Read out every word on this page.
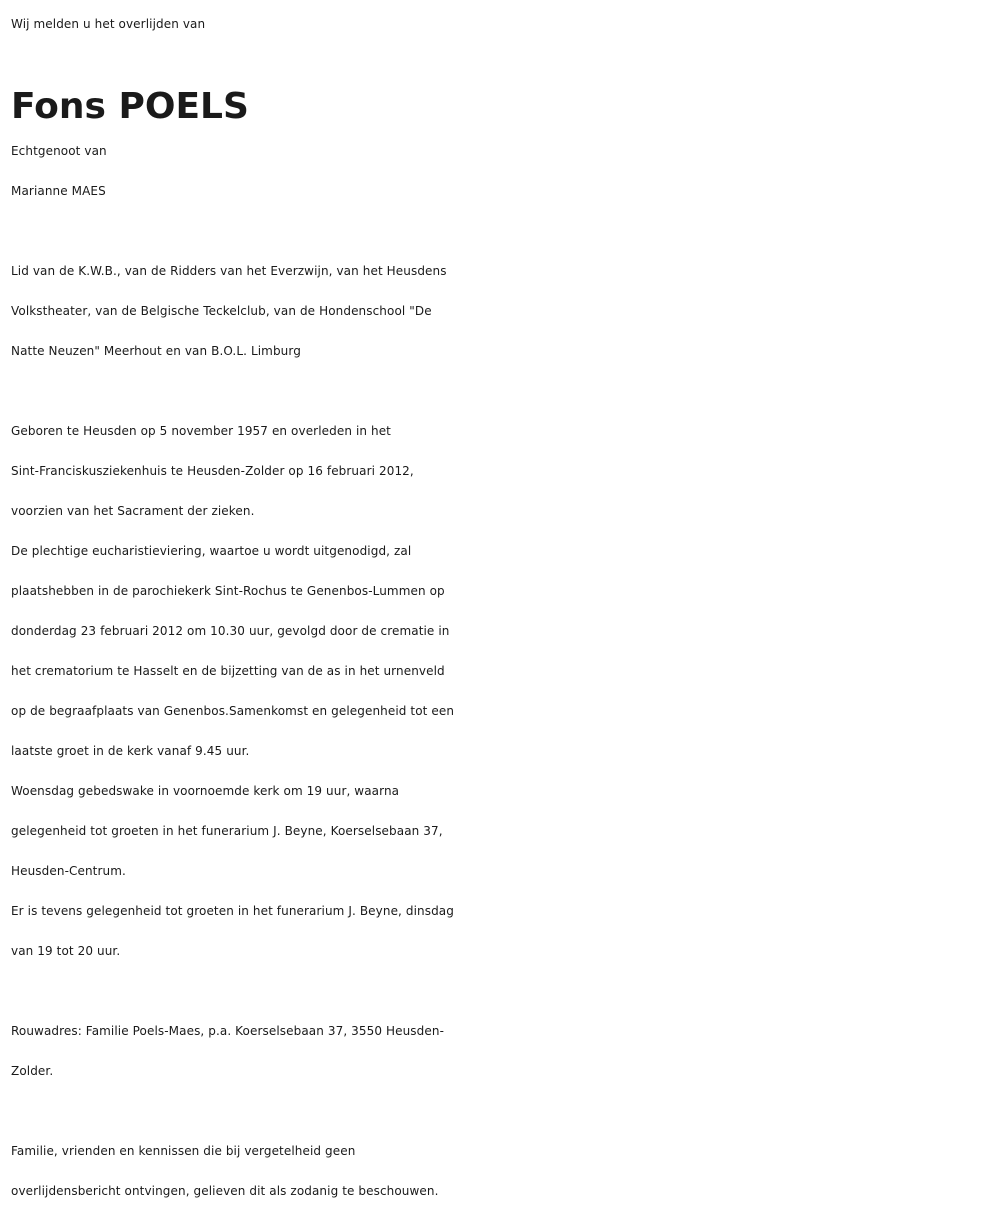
Wij melden u het overlijden van
Fons POELS
Echtgenoot van
Marianne MAES
Lid van de K.W.B., van de Ridders van het Everzwijn, van het Heusdens
Volkstheater, van de Belgische Teckelclub, van de Hondenschool "De
Natte Neuzen" Meerhout en van B.O.L. Limburg
Geboren te Heusden op 5 november 1957 en overleden in het
Sint-Franciskusziekenhuis te Heusden-Zolder op 16 februari 2012,
voorzien van het Sacrament der zieken.
De plechtige eucharistieviering, waartoe u wordt uitgenodigd, zal
plaatshebben in de parochiekerk Sint-Rochus te Genenbos-Lummen op
donderdag 23 februari 2012 om 10.30 uur, gevolgd door de crematie in
het crematorium te Hasselt en de bijzetting van de as in het urnenveld
op de begraafplaats van Genenbos.Samenkomst en gelegenheid tot een
laatste groet in de kerk vanaf 9.45 uur.
Woensdag gebedswake in voornoemde kerk om 19 uur, waarna
gelegenheid tot groeten in het funerarium J. Beyne, Koerselsebaan 37,
Heusden-Centrum.
Er is tevens gelegenheid tot groeten in het funerarium J. Beyne, dinsdag
van 19 tot 20 uur.
Rouwadres: Familie Poels-Maes, p.a. Koerselsebaan 37, 3550 Heusden-
Zolder.
Familie, vrienden en kennissen die bij vergetelheid geen
overlijdensbericht ontvingen, gelieven dit als zodanig te beschouwen.
